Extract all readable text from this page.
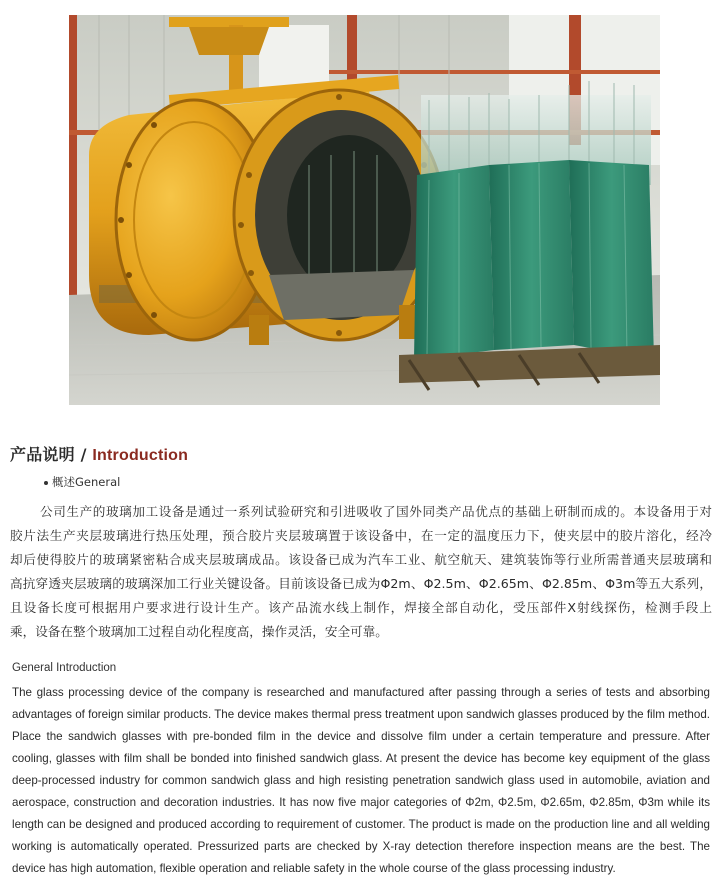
产品说明 / Introduction
概述General
公司生产的玻璃加工设备是通过一系列试验研究和引进吸收了国外同类产品优点的基础上研制而成的。本设备用于对
胶片法生产夹层玻璃进行热压处理，预合胶片夹层玻璃置于该设备中，在一定的温度压力下，使夹层中的胶片溶化，经冷
却后使得胶片的玻璃紧密粘合成夹层玻璃成品。该设备已成为汽车工业、航空航天、建筑装饰等行业所需普通夹层玻璃和
高抗穿透夹层玻璃的玻璃深加工行业关键设备。目前该设备已成为Φ2m、Φ2.5m、Φ2.65m、Φ2.85m、Φ3m等五大系列，
且设备长度可根据用户要求进行设计生产。该产品流水线上制作，焊接全部自动化，受压部件X射线探伤，检测手段上
乘，设备在整个玻璃加工过程自动化程度高，操作灵活，安全可靠。
General Introduction
The glass processing device of the company is researched and manufactured after passing through a series of tests and absorbing
advantages of foreign similar products. The device makes thermal press treatment upon sandwich glasses produced by the film method.
Place the sandwich glasses with pre-bonded film in the device and dissolve film under a certain temperature and pressure. After
cooling, glasses with film shall be bonded into finished sandwich glass. At present the device has become key equipment of the glass
deep-processed industry for common sandwich glass and high resisting penetration sandwich glass used in automobile, aviation and
aerospace, construction and decoration industries. It has now five major categories of Φ2m, Φ2.5m, Φ2.65m, Φ2.85m, Φ3m while its
length can be designed and produced according to requirement of customer. The product is made on the production line and all welding
working is automatically operated. Pressurized parts are checked by X-ray detection therefore inspection means are the best. The
device has high automation, flexible operation and reliable safety in the whole course of the glass processing industry.
